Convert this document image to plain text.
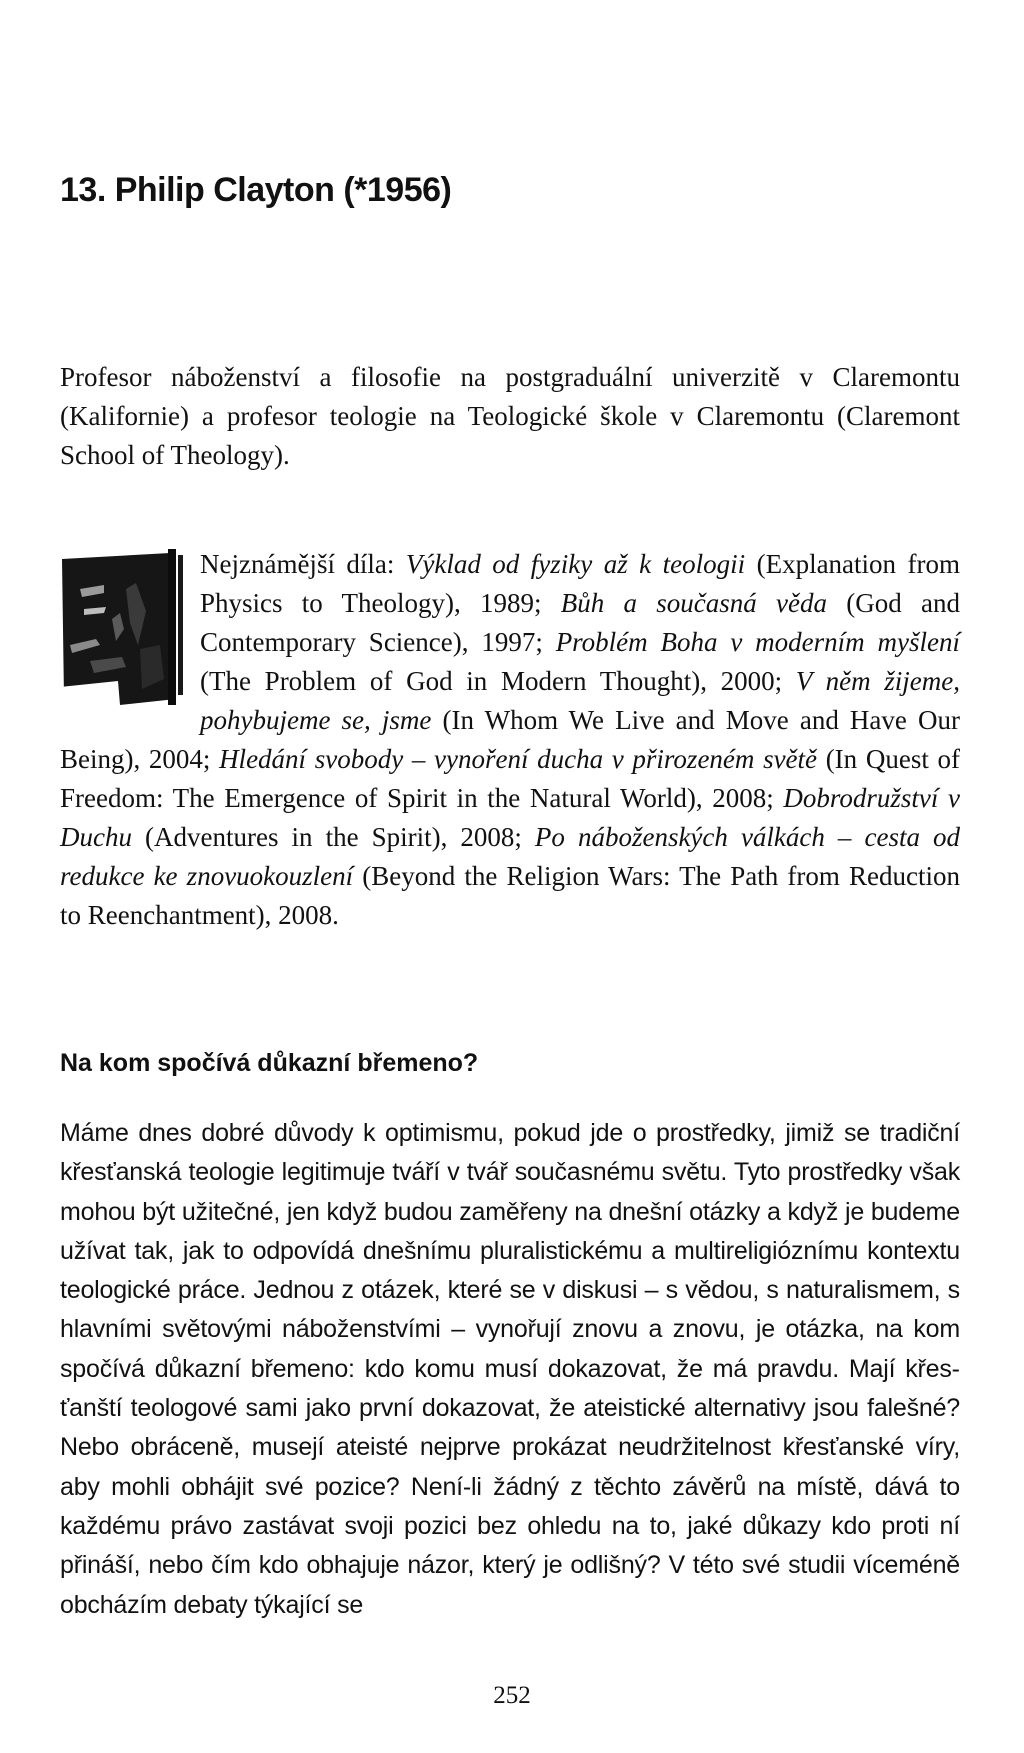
13. Philip Clayton (*1956)

Profesor náboženství a filosofie na postgraduální univerzitě v Claremontu (Kalifornie) a profesor teologie na Teologické škole v Claremontu (Claremont School of Theology).

Nejznámější díla: Výklad od fyziky až k teologii (Explanation from Physics to Theology), 1989; Bůh a současná věda (God and Contemporary Science), 1997; Problém Boha v moderním myšlení (The Problem of God in Modern Thought), 2000; V něm žijeme, pohybujeme se, jsme (In Whom We Live and Move and Have Our Being), 2004; Hledání svobody – vynoření ducha v přirozeném světě (In Quest of Freedom: The Emergence of Spirit in the Natural World), 2008; Dobrodružství v Duchu (Adventures in the Spirit), 2008; Po náboženských válkách – cesta od redukce ke znovuokouzlení (Beyond the Religion Wars: The Path from Reduction to Reenchantment), 2008.
Na kom spočívá důkazní břemeno?

Máme dnes dobré důvody k optimismu, pokud jde o prostředky, jimiž se tradiční křesťanská teologie legitimuje tváří v tvář současnému světu. Tyto prostředky však mohou být užitečné, jen když budou zaměřeny na dnešní otázky a když je budeme užívat tak, jak to odpovídá dnešnímu pluralistickému a multireligióznímu kontextu teologické práce. Jednou z otázek, které se v diskusi – s vědou, s naturalismem, s hlavními světovými náboženstvími – vynořují znovu a znovu, je otázka, na kom spočívá důkazní břemeno: kdo komu musí dokazovat, že má pravdu. Mají křesťanští teologové sami jako první dokazovat, že ateistické alternativy jsou falešné? Nebo obráceně, musejí ateisté nejprve prokázat neudržitelnost křesťanské víry, aby mohli obhájit své pozice? Není-li žádný z těchto závěrů na místě, dává to každému právo zastávat svoji pozici bez ohledu na to, jaké důkazy kdo proti ní přináší, nebo čím kdo obhajuje názor, který je odlišný? V této své studii víceméně obcházím debaty týkající se

252
